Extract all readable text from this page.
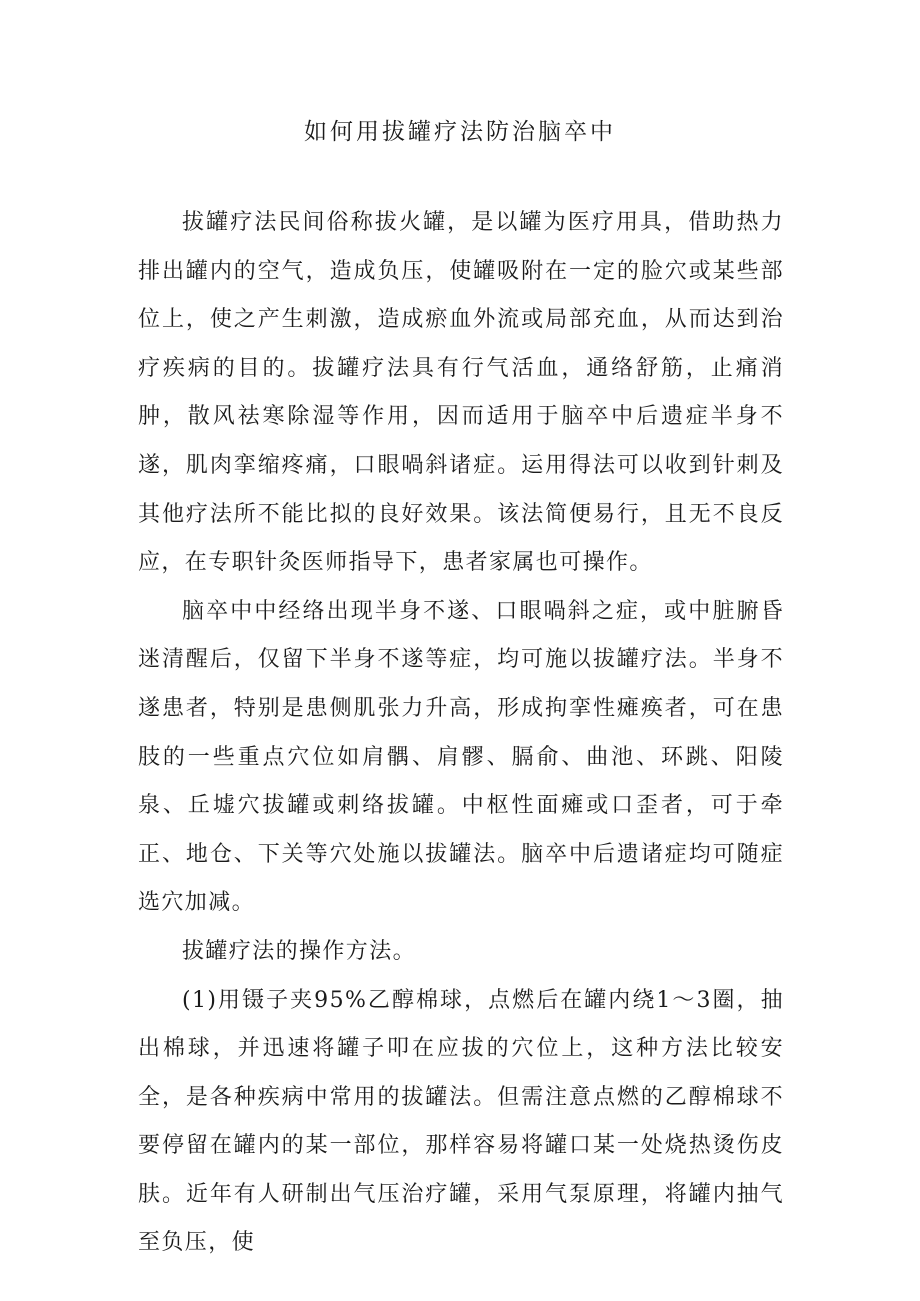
如何用拔罐疗法防治脑卒中

拔罐疗法民间俗称拔火罐，是以罐为医疗用具，借助热力排出罐内的空气，造成负压，使罐吸附在一定的脸穴或某些部位上，使之产生刺激，造成瘀血外流或局部充血，从而达到治疗疾病的目的。拔罐疗法具有行气活血，通络舒筋，止痛消肿，散风祛寒除湿等作用，因而适用于脑卒中后遗症半身不遂，肌肉挛缩疼痛，口眼喎斜诸症。运用得法可以收到针刺及其他疗法所不能比拟的良好效果。该法简便易行，且无不良反应，在专职针灸医师指导下，患者家属也可操作。

脑卒中中经络出现半身不遂、口眼喎斜之症，或中脏腑昏迷清醒后，仅留下半身不遂等症，均可施以拔罐疗法。半身不遂患者，特别是患侧肌张力升高，形成拘挛性瘫痪者，可在患肢的一些重点穴位如肩髃、肩髎、膈俞、曲池、环跳、阳陵泉、丘墟穴拔罐或刺络拔罐。中枢性面瘫或口歪者，可于牵正、地仓、下关等穴处施以拔罐法。脑卒中后遗诸症均可随症选穴加减。

拔罐疗法的操作方法。

(1)用镊子夹95%乙醇棉球，点燃后在罐内绕1～3圈，抽出棉球，并迅速将罐子叩在应拔的穴位上，这种方法比较安全，是各种疾病中常用的拔罐法。但需注意点燃的乙醇棉球不要停留在罐内的某一部位，那样容易将罐口某一处烧热烫伤皮肤。近年有人研制出气压治疗罐，采用气泵原理，将罐内抽气至负压，使
